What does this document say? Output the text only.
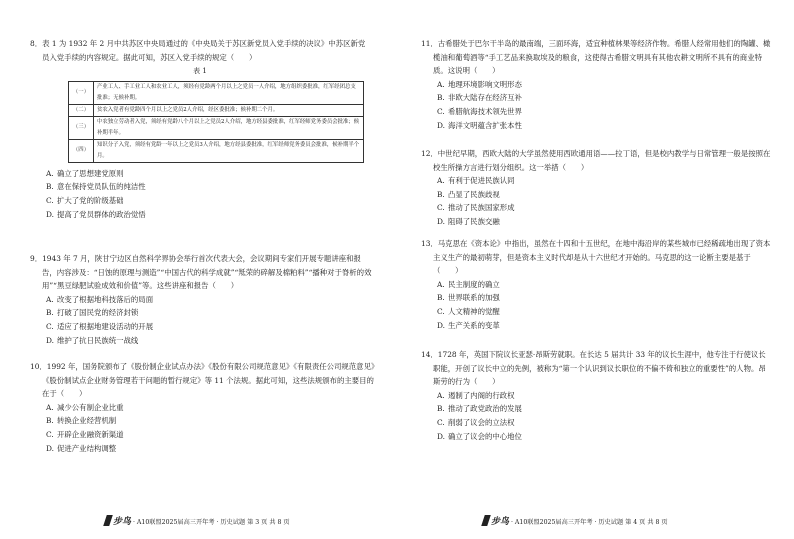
8．表 1 为 1932 年 2 月中共苏区中央局通过的《中央局关于苏区新党员入党手续的决议》中苏区新党员入党手续的内容规定。据此可知，苏区入党手续的规定（　　）
表 1
（一）	产业工人、手工业工人和农业工人，须经有党龄两个月以上之党员一人介绍，地方组织委批准，红军经团总支批准；无候补期。
（二）	贫农入党者有党龄四个月以上之党员2人介绍，经区委批准；候补期二个月。
（三）	中农独立劳动者入党，须经有党龄八个月以上之党员2人介绍，地方经县委批准，红军经师党务委员会批准；候补期半年。
（四）	知识分子入党，须经有党龄一年以上之党员3人介绍，地方经县委批准，红军经师党务委员会批准，候补期半个月。
A. 确立了思想建党原则
B. 意在保持党员队伍的纯洁性
C. 扩大了党的阶级基础
D. 提高了党员群体的政治觉悟
9．1943 年 7 月，陕甘宁边区自然科学界协会举行首次代表大会，会议期间专家们开展专题讲座和报告，内容涉及：“日蚀的原理与测造”“中国古代的科学成就”“羝荣的碎解及棉粕料”“播种对于脊析的效用”“黑豆绿肥试验成效和价值”等。这些讲座和报告（　　）
A. 改变了根据地科技落后的局面
B. 打破了国民党的经济封锁
C. 适应了根据地建设活动的开展
D. 维护了抗日民族统一战线
10．1992 年，国务院颁布了《股份制企业试点办法》《股份有限公司规范意见》《有限责任公司规范意见》《股份制试点企业财务管理若干问题的暂行规定》等 11 个法规。据此可知，这些法规颁布的主要目的在于（　　）
A. 减少公有制企业比重
B. 转换企业经营机制
C. 开辟企业融资新渠道
D. 促进产业结构调整
步鸟 · A10联盟2025届高三开年考 · 历史试题 第 3 页 共 8 页
11．古希腊处于巴尔干半岛的最南端，三面环海，适宜种植林果等经济作物。希腊人经常用他们的陶罐、橄榄油和葡萄酒等“手工艺品来换取埃及的粮食，这使得古希腊文明具有其他农耕文明所不具有的商业特质。这说明（　　）
A. 地理环境影响文明形态
B. 非欧大陆存在经济互补
C. 希腊航海技术领先世界
D. 海洋文明蕴含扩张本性
12．中世纪早期，西欧大陆的大学虽然使用西欧通用语——拉丁语，但是校内教学与日常管理一般是按照在校生所操方言进行划分组织。这一举措（　　）
A. 有利于促进民族认同
B. 凸显了民族歧视
C. 推动了民族国家形成
D. 阻碍了民族交融
13．马克思在《资本论》中指出，虽然在十四和十五世纪，在地中海沿岸的某些城市已经稀疏地出现了资本主义生产的最初萌芽，但是资本主义时代却是从十六世纪才开始的。马克思的这一论断主要是基于（　　）
A. 民主制度的确立
B. 世界联系的加强
C. 人文精神的觉醒
D. 生产关系的变革
14．1728 年，英国下院议长亚瑟·昂斯劳就职。在长达 5 届共计 33 年的议长生涯中，他专注于行使议长职能，开创了议长中立的先例，被称为“第一个认识到议长职位的不偏不倚和独立的重要性”的人物。昂斯劳的行为（　　）
A. 遏制了内阁的行政权
B. 推动了政党政治的发展
C. 削弱了议会的立法权
D. 确立了议会的中心地位
步鸟 · A10联盟2025届高三开年考 · 历史试题 第 4 页 共 8 页
